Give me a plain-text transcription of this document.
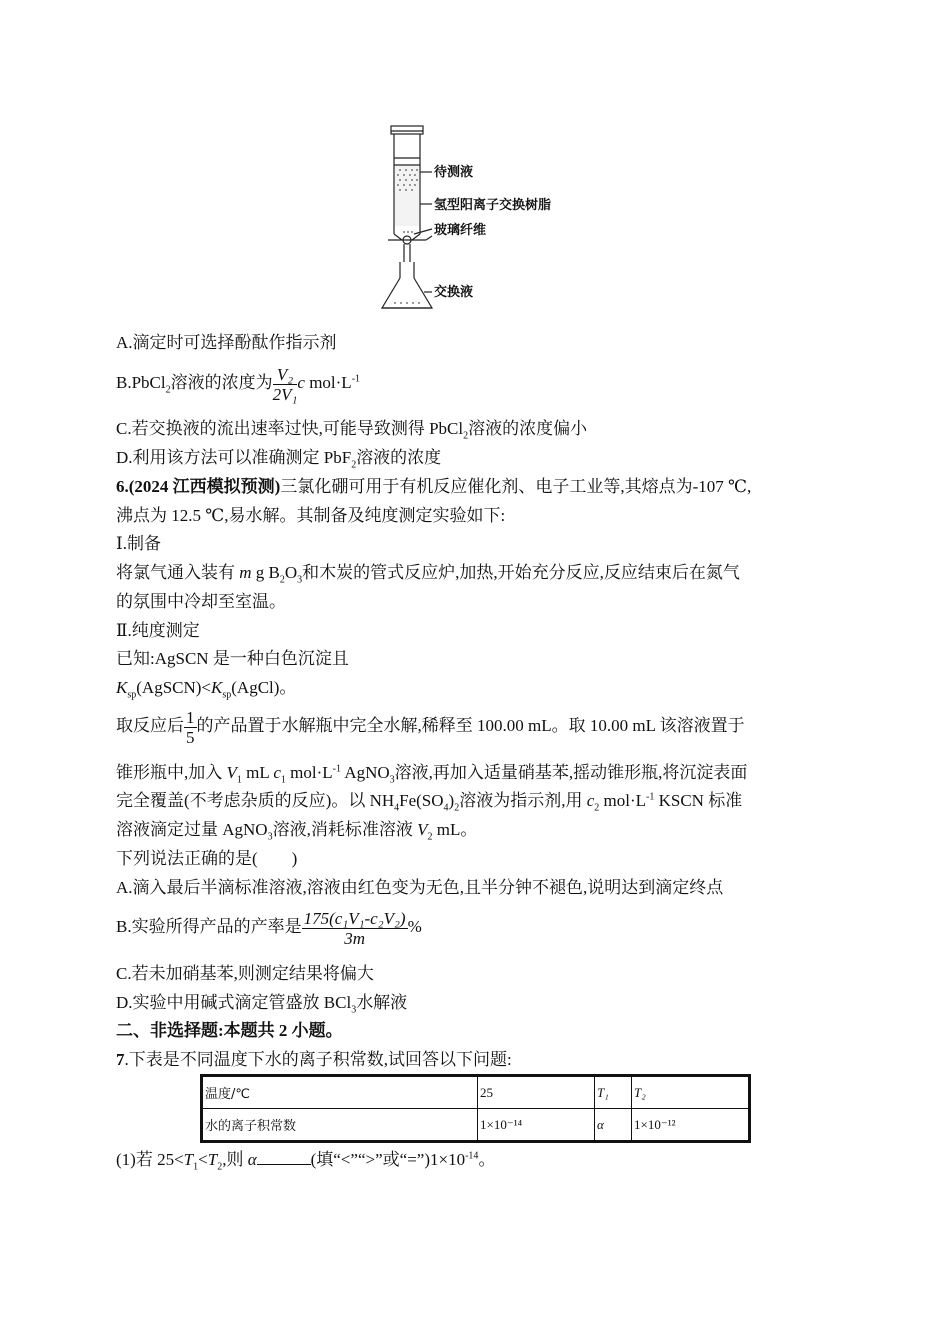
待测液
氢型阳离子交换树脂
玻璃纤维
交换液
A.滴定时可选择酚酞作指示剂
B.PbCl$_2$溶液的浓度为 $\frac{\text{V₂}}{\text{2V₁}}$ c $mol\cdot L^{-1}$
C.若交换液的流出速率过快,可能导致测得 PbCl$_2$溶液的浓度偏小
D.利用该方法可以准确测定 PbF$_2$溶液的浓度
6.(2024 江西模拟预测)三氯化硼可用于有机反应催化剂、电子工业等,其熔点为-107 ℃,
沸点为 12.5 ℃,易水解。其制备及纯度测定实验如下:
Ⅰ.制备
将氯气通入装有 m g $B_2O_3$和木炭的管式反应炉,加热,开始充分反应,反应结束后在氮气
的氛围中冷却至室温。
Ⅱ.纯度测定
已知:AgSCN 是一种白色沉淀且
$K_{sp}(AgSCN)<K_{sp}(AgCl)$。
取反应后 $\frac{1}{5}$ 的产品置于水解瓶中完全水解,稀释至 100.00 mL。取 10.00 mL 该溶液置于
锥形瓶中,加入 $V_1$ mL $c_1$ $mol\cdot L^{-1}$ AgNO$_3$溶液,再加入适量硝基苯,摇动锥形瓶,将沉淀表面
完全覆盖(不考虑杂质的反应)。以 $NH_4Fe(SO_4)_2$溶液为指示剂,用 $c_2$ $mol\cdot L^{-1}$ KSCN 标准
溶液滴定过量 AgNO$_3$溶液,消耗标准溶液 $V_2$ mL。
下列说法正确的是(　　)
A.滴入最后半滴标准溶液,溶液由红色变为无色,且半分钟不褪色,说明达到滴定终点
B.实验所得产品的产率是 $\frac{\text{175(c₁V₁-c₂V₂)}}{3m}$ %
C.若未加硝基苯,则测定结果将偏大
D.实验中用碱式滴定管盛放 BCl$_3$水解液
二、非选择题:本题共 2 小题。
7.下表是不同温度下水的离子积常数,试回答以下问题:
温度/℃	25	T₁	T₂
水的离子积常数	1×10⁻¹⁴	α	1×10⁻¹²
(1)若 $25<T_1<T_2$,则 α	(填“<”“>”或“$=”)1\times 10^{-14}$。
